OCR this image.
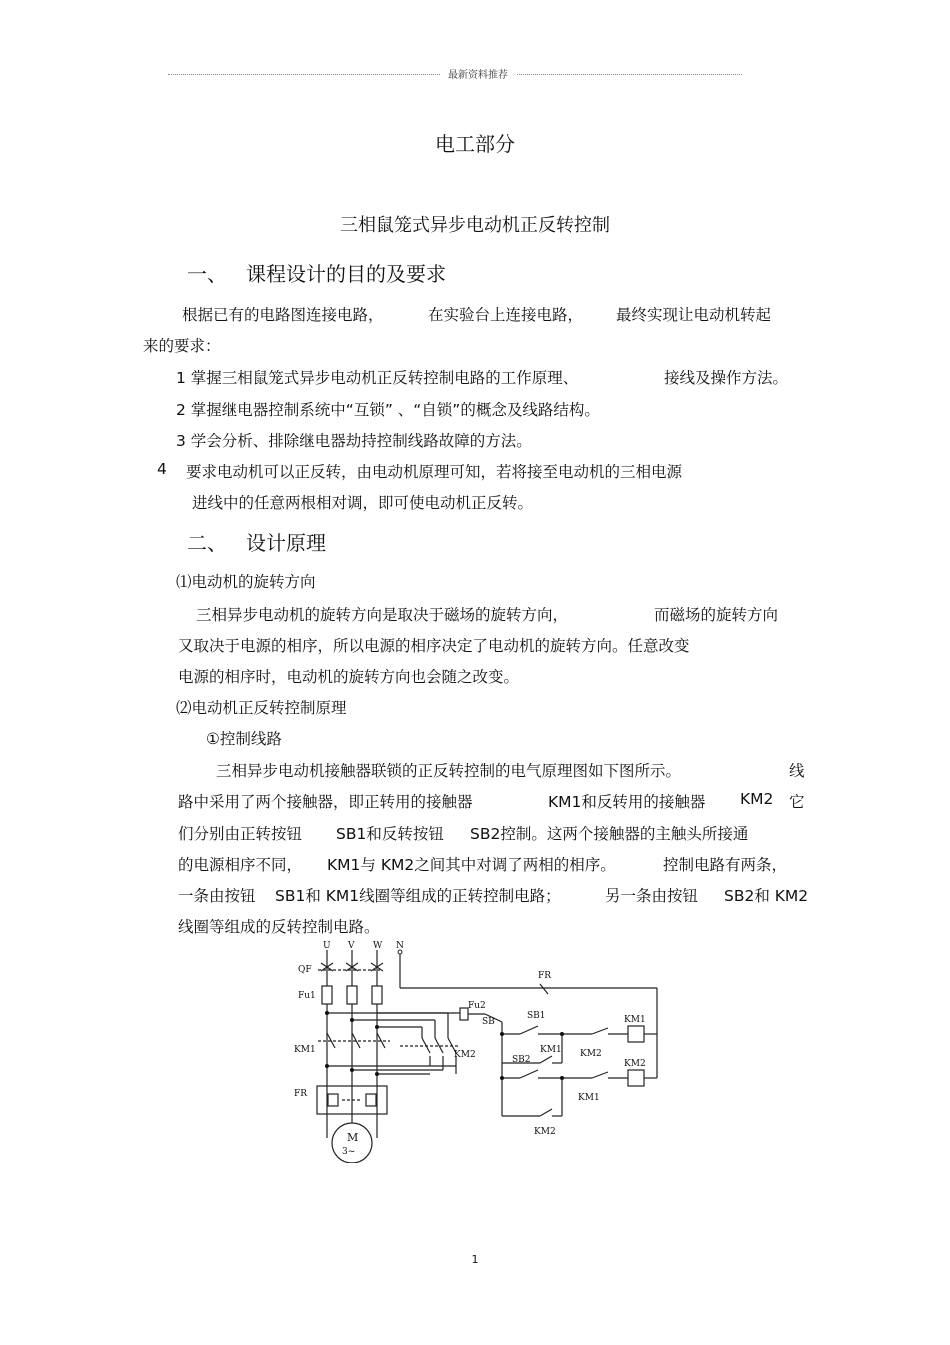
最新资料推荐
电工部分
三相鼠笼式异步电动机正反转控制
一、 课程设计的目的及要求
根据已有的电路图连接电路，	在实验台上连接电路， 最终实现让电动机转起
来的要求：
1 掌握三相鼠笼式异步电动机正反转控制电路的工作原理、	接线及操作方法。
2 掌握继电器控制系统中“互锁” 、“自锁”的概念及线路结构。
3 学会分析、排除继电器劫持控制线路故障的方法。
4 要求电动机可以正反转，由电动机原理可知，若将接至电动机的三相电源
进线中的任意两根相对调，即可使电动机正反转。
二、 设计原理
⑴电动机的旋转方向
三相异步电动机的旋转方向是取决于磁场的旋转方向，	而磁场的旋转方向
又取决于电源的相序，所以电源的相序决定了电动机的旋转方向。任意改变
电源的相序时，电动机的旋转方向也会随之改变。
⑵电动机正反转控制原理
①控制线路
三相异步电动机接触器联锁的正反转控制的电气原理图如下图所示。	线
路中采用了两个接触器，即正转用的接触器	KM1和反转用的接触器 KM2 它
们分别由正转按钮 SB1和反转按钮 SB2控制。这两个接触器的主触头所接通
的电源相序不同， KM1与 KM2之间其中对调了两相的相序。	控制电路有两条，
一条由按钮 SB1和 KM1线圈等组成的正转控制电路；	另一条由按钮 SB2和 KM2
线圈等组成的反转控制电路。
U V W N
QF
Fu1
KM1	KM2
FR
M
3~
FR
Fu2
SB
SB1
SB2
KM1 KM2
KM1
KM2
KM2
KM1
1
